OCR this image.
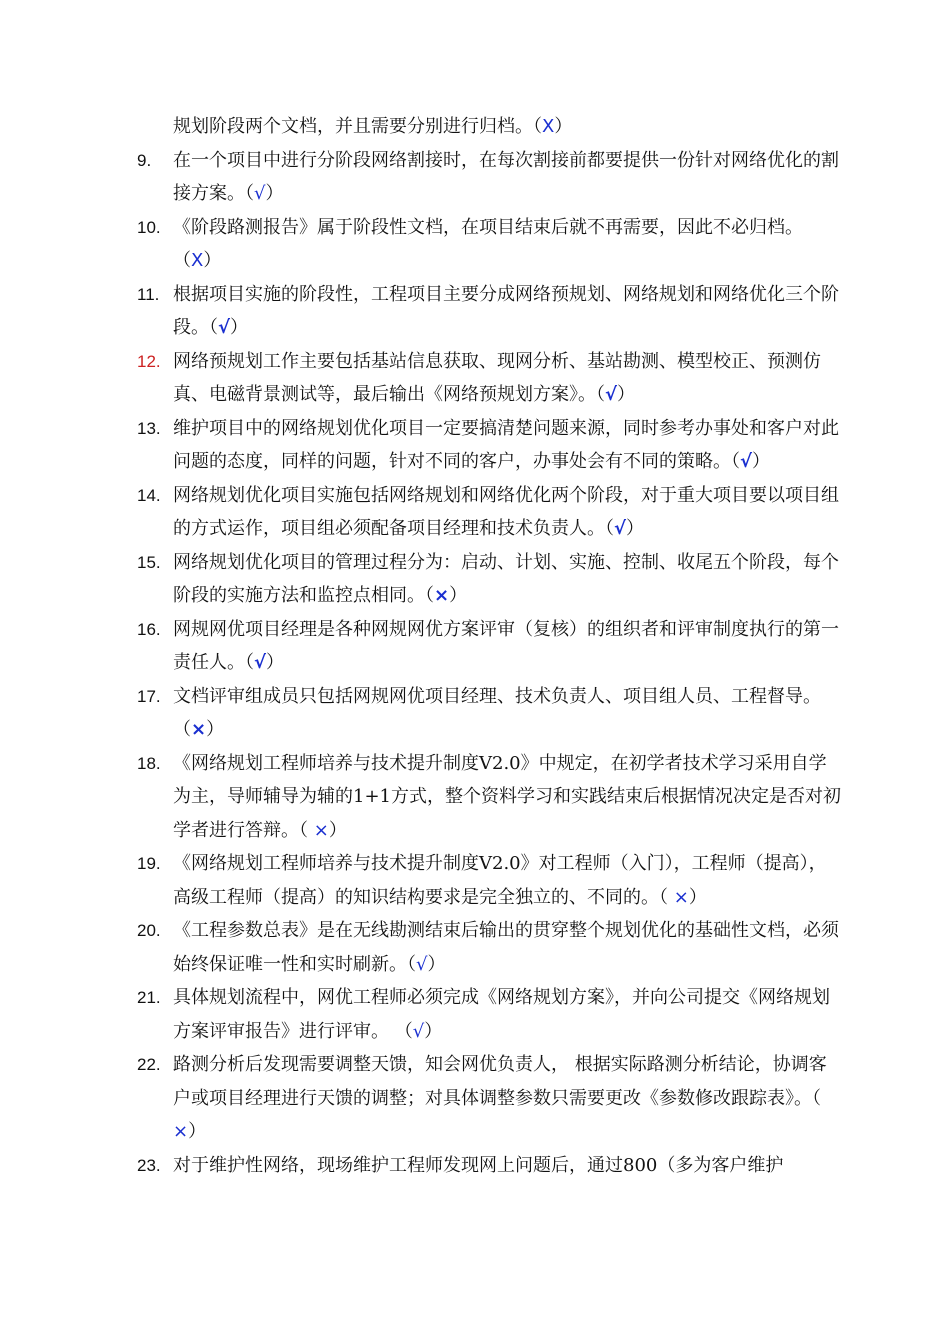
规划阶段两个文档，并且需要分别进行归档。（X）

9.	在一个项目中进行分阶段网络割接时，在每次割接前都要提供一份针对网络优化的割接方案。（√）

10. 《阶段路测报告》属于阶段性文档，在项目结束后就不再需要，因此不必归档。（X）

11. 根据项目实施的阶段性，工程项目主要分成网络预规划、网络规划和网络优化三个阶段。（√）

12. 网络预规划工作主要包括基站信息获取、现网分析、基站勘测、模型校正、预测仿真、电磁背景测试等，最后输出《网络预规划方案》。（√）

13. 维护项目中的网络规划优化项目一定要搞清楚问题来源，同时参考办事处和客户对此问题的态度，同样的问题，针对不同的客户，办事处会有不同的策略。（√）

14. 网络规划优化项目实施包括网络规划和网络优化两个阶段，对于重大项目要以项目组的方式运作，项目组必须配备项目经理和技术负责人。（√）

15. 网络规划优化项目的管理过程分为：启动、计划、实施、控制、收尾五个阶段，每个阶段的实施方法和监控点相同。（×）

16. 网规网优项目经理是各种网规网优方案评审（复核）的组织者和评审制度执行的第一责任人。（√）

17. 文档评审组成员只包括网规网优项目经理、技术负责人、项目组人员、工程督导。（×）

18. 《网络规划工程师培养与技术提升制度V2.0》中规定，在初学者技术学习采用自学为主，导师辅导为辅的1+1方式，整个资料学习和实践结束后根据情况决定是否对初学者进行答辩。（ ×）

19. 《网络规划工程师培养与技术提升制度V2.0》对工程师（入门），工程师（提高），高级工程师（提高）的知识结构要求是完全独立的、不同的。（ ×）

20. 《工程参数总表》是在无线勘测结束后输出的贯穿整个规划优化的基础性文档，必须始终保证唯一性和实时刷新。（√）

21. 具体规划流程中，网优工程师必须完成《网络规划方案》，并向公司提交《网络规划方案评审报告》进行评审。 （√）

22. 路测分析后发现需要调整天馈，知会网优负责人， 根据实际路测分析结论，协调客户或项目经理进行天馈的调整；对具体调整参数只需要更改《参数修改跟踪表》。（ ×）

23. 对于维护性网络，现场维护工程师发现网上问题后，通过800（多为客户维护
